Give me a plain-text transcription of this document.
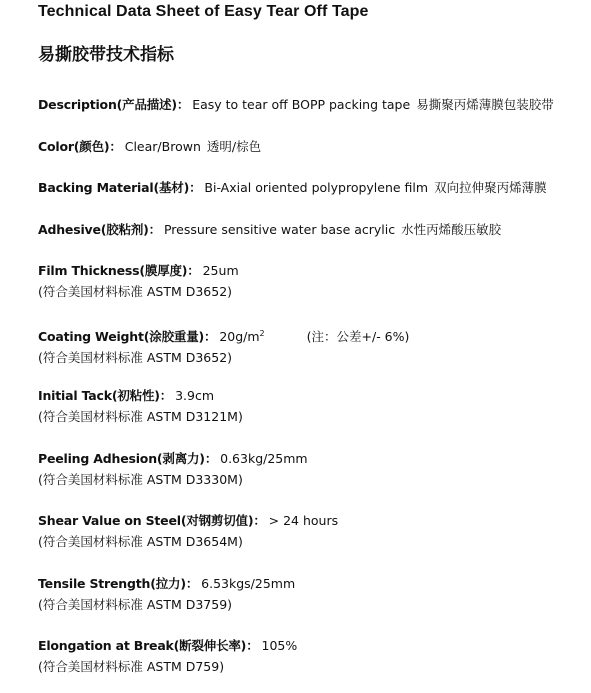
Technical Data Sheet of Easy Tear Off Tape
易撕胶带技术指标
Description(产品描述)： Easy to tear off BOPP packing tape 易撕聚丙烯薄膜包装胶带
Color(颜色)： Clear/Brown 透明/棕色
Backing Material(基材)： Bi-Axial oriented polypropylene film 双向拉伸聚丙烯薄膜
Adhesive(胶粘剂)： Pressure sensitive water base acrylic 水性丙烯酸压敏胶
Film Thickness(膜厚度)： 25um
(符合美国材料标准 ASTM D3652)
Coating Weight(涂胶重量)： $20g/m^2$	(注：公差+/- 6%)
(符合美国材料标准 ASTM D3652)
Initial Tack(初粘性)： 3.9cm
(符合美国材料标准 ASTM D3121M)
Peeling Adhesion(剥离力)： 0.63kg/25mm
(符合美国材料标准 ASTM D3330M)
Shear Value on Steel(对钢剪切值)： > 24 hours
(符合美国材料标准 ASTM D3654M)
Tensile Strength(拉力)： 6.53kgs/25mm
(符合美国材料标准 ASTM D3759)
Elongation at Break(断裂伸长率)： 105%
(符合美国材料标准 ASTM D759)
